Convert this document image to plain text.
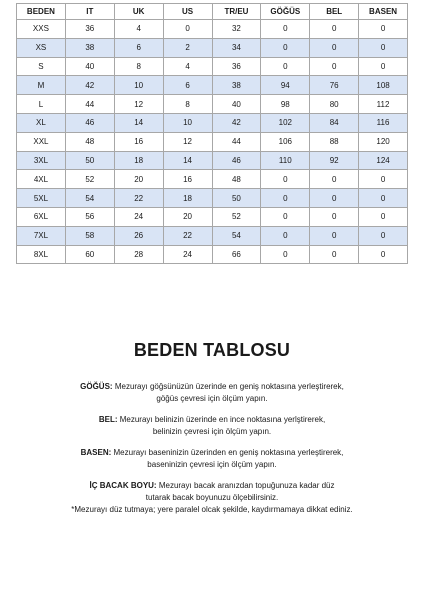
BEDEN	IT	UK	US	TR/EU	GÖĞÜS	BEL	BASEN
XXS	36	4	0	32	0	0	0
XS	38	6	2	34	0	0	0
S	40	8	4	36	0	0	0
M	42	10	6	38	94	76	108
L	44	12	8	40	98	80	112
XL	46	14	10	42	102	84	116
XXL	48	16	12	44	106	88	120
3XL	50	18	14	46	110	92	124
4XL	52	20	16	48	0	0	0
5XL	54	22	18	50	0	0	0
6XL	56	24	20	52	0	0	0
7XL	58	26	22	54	0	0	0
8XL	60	28	24	66	0	0	0
BEDEN TABLOSU
GÖĞÜS: Mezurayı göğsünüzün üzerinde en geniş noktasına yerleştirerek,
göğüs çevresi için ölçüm yapın.
BEL: Mezurayı belinizin üzerinde en ince noktasına yerlştirerek,
belinizin çevresi için ölçüm yapın.
BASEN: Mezurayı baseninizin üzerinden en geniş noktasına yerleştirerek,
baseninizin çevresi için ölçüm yapın.
İÇ BACAK BOYU: Mezurayı bacak aranızdan topuğunuza kadar düz
tutarak bacak boyunuzu ölçebilirsiniz.
*Mezurayı düz tutmaya; yere paralel olcak şekilde, kaydırmamaya dikkat ediniz.
